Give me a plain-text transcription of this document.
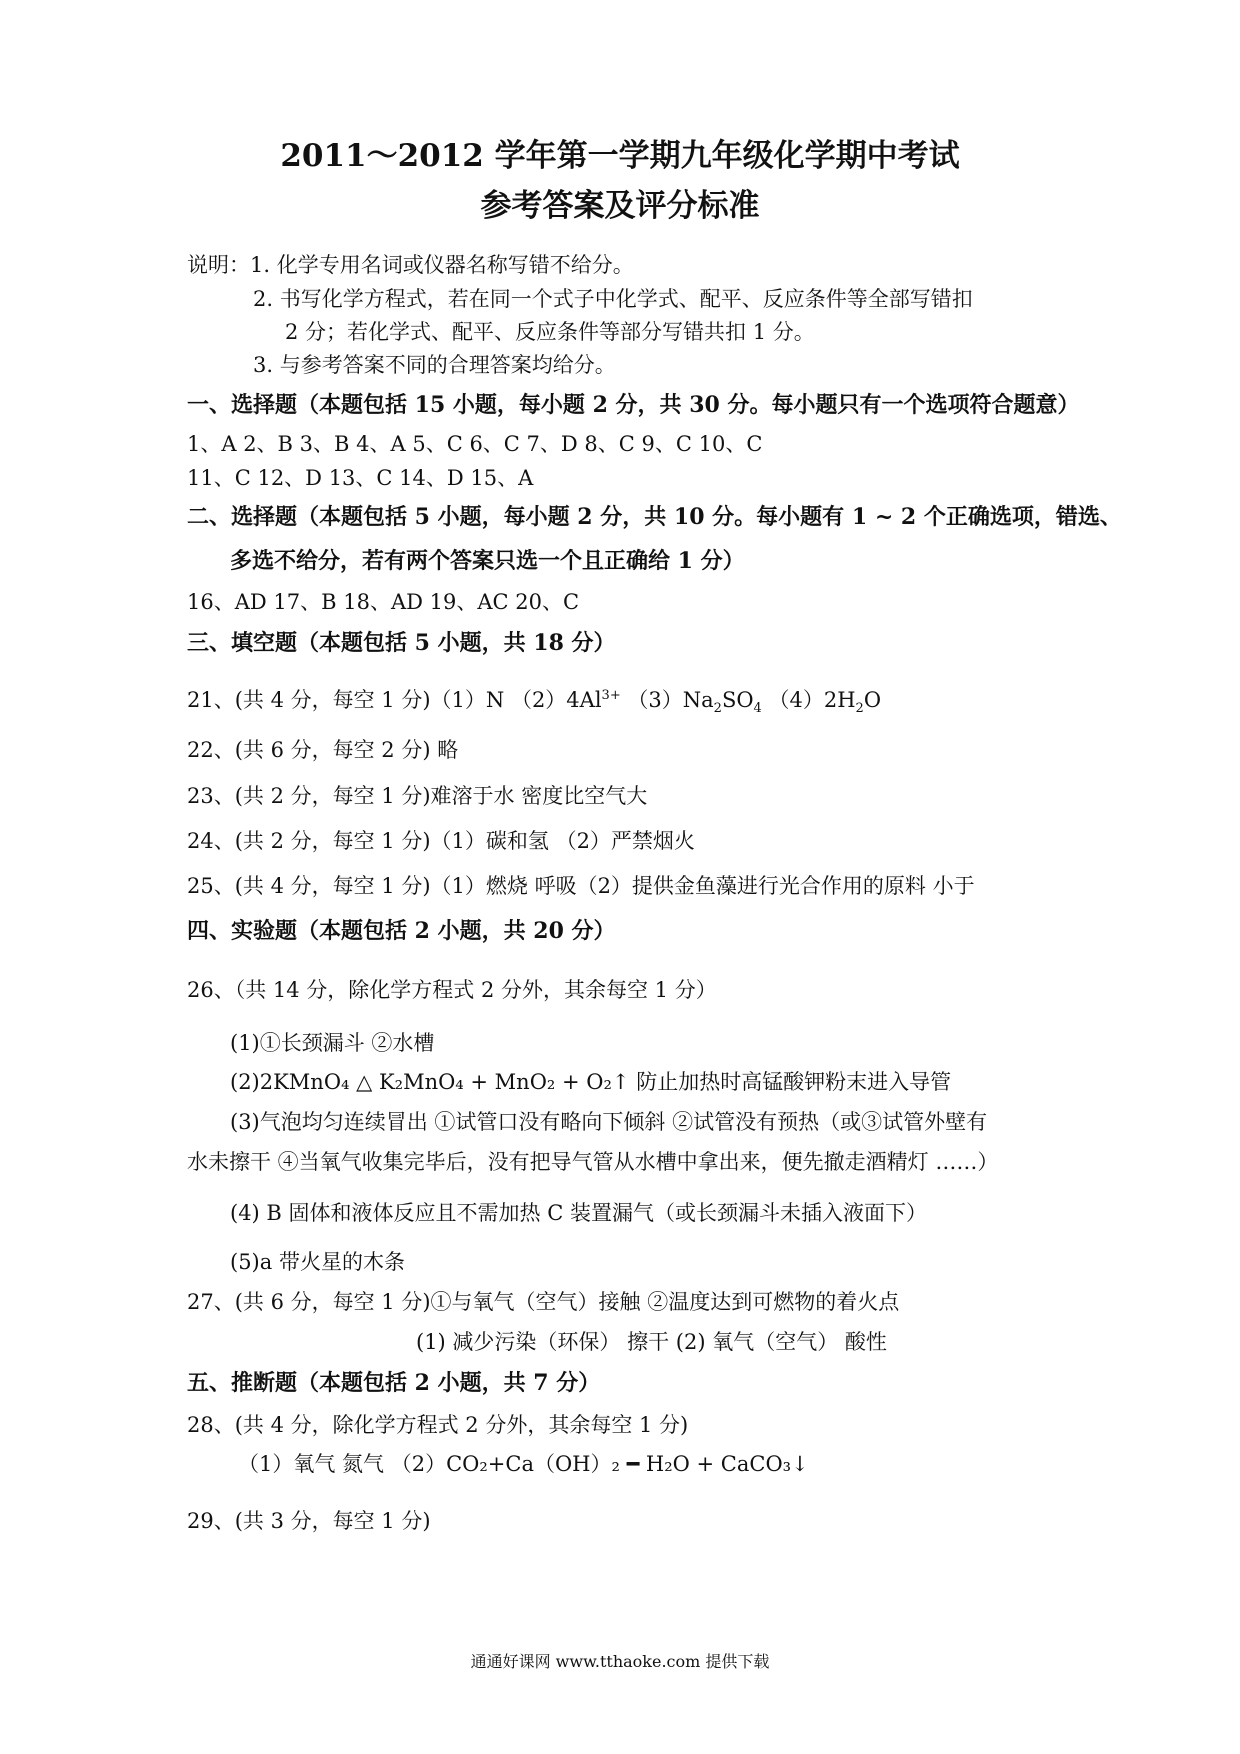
2011～2012 学年第一学期九年级化学期中考试
参考答案及评分标准
说明：1. 化学专用名词或仪器名称写错不给分。
2. 书写化学方程式，若在同一个式子中化学式、配平、反应条件等全部写错扣
2 分；若化学式、配平、反应条件等部分写错共扣 1 分。
3. 与参考答案不同的合理答案均给分。
一、选择题（本题包括 15 小题，每小题 2 分，共 30 分。每小题只有一个选项符合题意）
1、A 2、B 3、B 4、A 5、C 6、C 7、D 8、C 9、C 10、C
11、C 12、D 13、C 14、D 15、A
二、选择题（本题包括 5 小题，每小题 2 分，共 10 分。每小题有 1 ~ 2 个正确选项，错选、
多选不给分，若有两个答案只选一个且正确给 1 分）
16、AD 17、B 18、AD 19、AC 20、C
三、填空题（本题包括 5 小题，共 18 分）
21、(共 4 分，每空 1 分)（1）N $(2)4Al^{3+}$ $(3)Na_2SO_4$ $(4)2H_2O$
22、(共 6 分，每空 2 分) 略
23、(共 2 分，每空 1 分)难溶于水 密度比空气大
24、(共 2 分，每空 1 分)（1）碳和氢 （2）严禁烟火
25、(共 4 分，每空 1 分)（1）燃烧 呼吸（2）提供金鱼藻进行光合作用的原料 小于
四、实验题（本题包括 2 小题，共 20 分）
26、（共 14 分，除化学方程式 2 分外，其余每空 1 分）
(1)①长颈漏斗 ②水槽
(2)2KMnO₄ △ K₂MnO₄ + MnO₂ + O₂↑ 防止加热时高锰酸钾粉末进入导管
(3)气泡均匀连续冒出 ①试管口没有略向下倾斜 ②试管没有预热（或③试管外壁有
水未擦干 ④当氧气收集完毕后，没有把导气管从水槽中拿出来，便先撤走酒精灯 ……）
(4) B 固体和液体反应且不需加热 C 装置漏气（或长颈漏斗未插入液面下）
(5)a 带火星的木条
27、(共 6 分，每空 1 分)①与氧气（空气）接触 ②温度达到可燃物的着火点
(1) 减少污染（环保） 擦干 (2) 氧气（空气） 酸性
五、推断题（本题包括 2 小题，共 7 分）
28、(共 4 分，除化学方程式 2 分外，其余每空 1 分)
（1）氧气 氮气 （2）CO₂+Ca（OH）₂ ━ H₂O + CaCO₃↓
29、(共 3 分，每空 1 分)
通通好课网 www.tthaoke.com 提供下载
